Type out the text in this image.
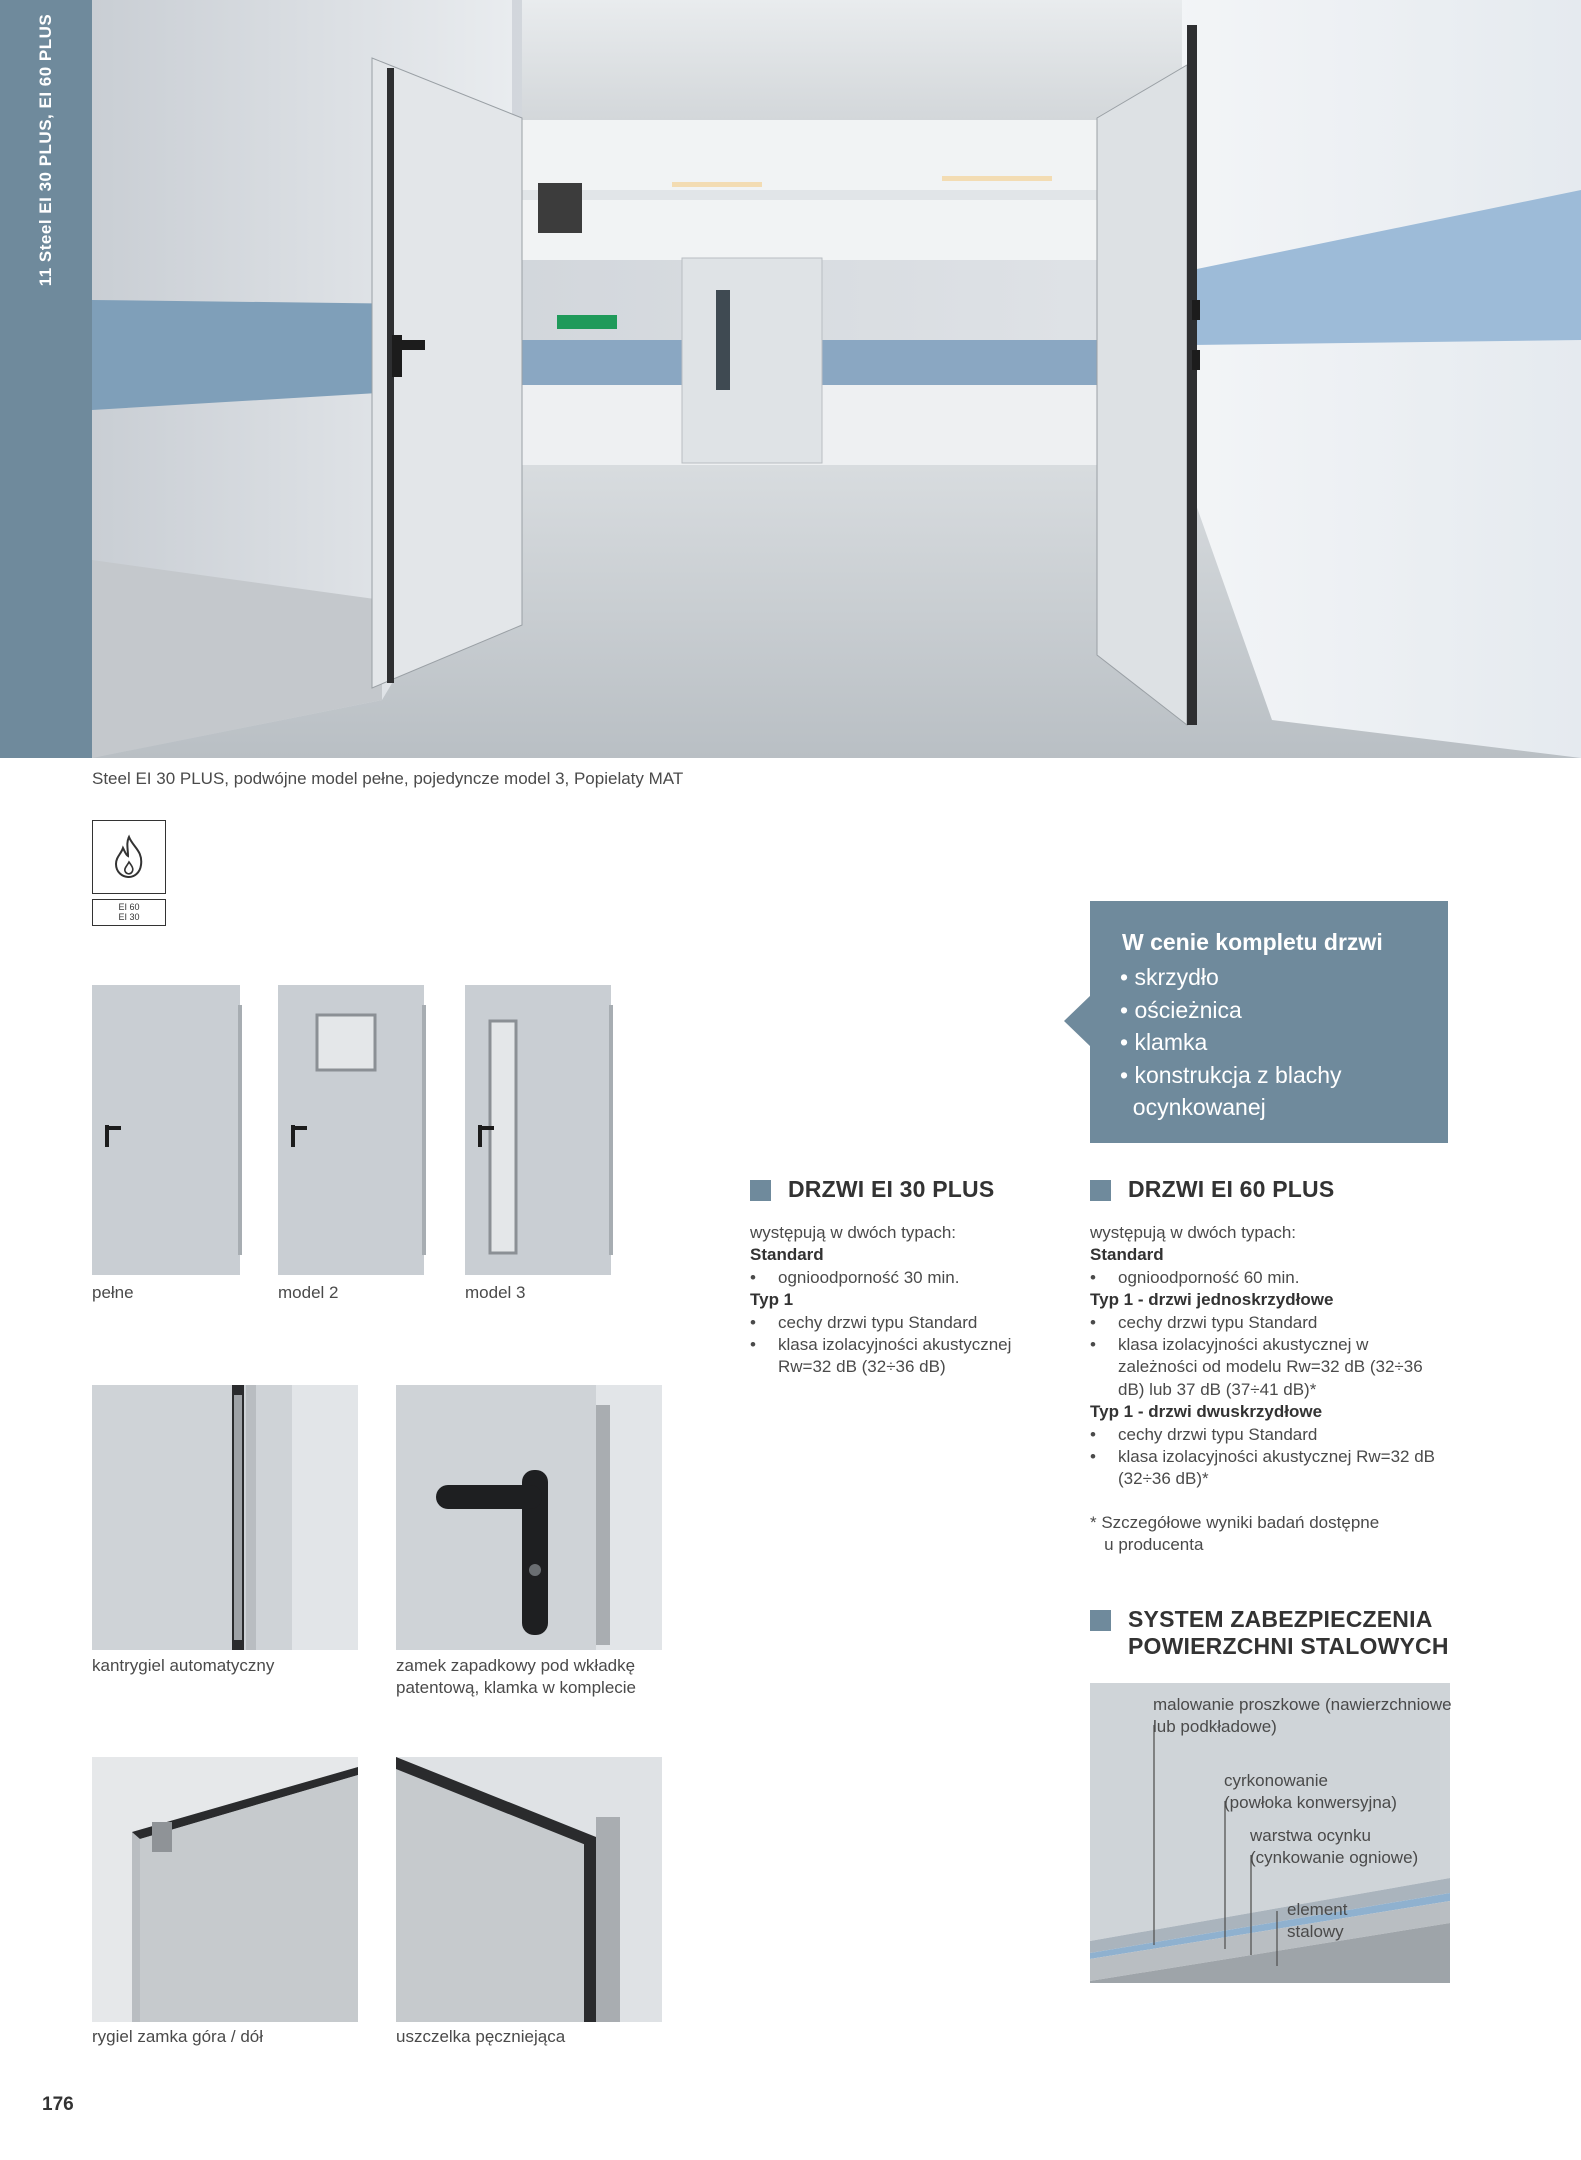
11 Steel EI 30 PLUS, EI 60 PLUS
Steel EI 30 PLUS, podwójne model pełne, pojedyncze model 3, Popielaty MAT
EI 60
EI 30
pełne	model 2	model 3
W cenie kompletu drzwi
• skrzydło
• ościeżnica
• klamka
• konstrukcja z blachy
ocynkowanej
DRZWI EI 30 PLUS
występują w dwóch typach:
Standard
• ognioodporność 30 min.
Typ 1
• cechy drzwi typu Standard
• klasa izolacyjności akustycznej Rw=32 dB (32÷36 dB)
DRZWI EI 60 PLUS
występują w dwóch typach:
Standard
• ognioodporność 60 min.
Typ 1 - drzwi jednoskrzydłowe
• cechy drzwi typu Standard
• klasa izolacyjności akustycznej w zależności od modelu Rw=32 dB (32÷36 dB) lub 37 dB (37÷41 dB)*
Typ 1 - drzwi dwuskrzydłowe
• cechy drzwi typu Standard
• klasa izolacyjności akustycznej Rw=32 dB (32÷36 dB)*
* Szczegółowe wyniki badań dostępne
u producenta
kantrygiel automatyczny	zamek zapadkowy pod wkładkę
patentową, klamka w komplecie
rygiel zamka góra / dół	uszczelka pęczniejąca
SYSTEM ZABEZPIECZENIA
POWIERZCHNI STALOWYCH
malowanie proszkowe (nawierzchniowe
lub podkładowe)
cyrkonowanie
(powłoka konwersyjna)
warstwa ocynku
(cynkowanie ogniowe)
element
stalowy
176
